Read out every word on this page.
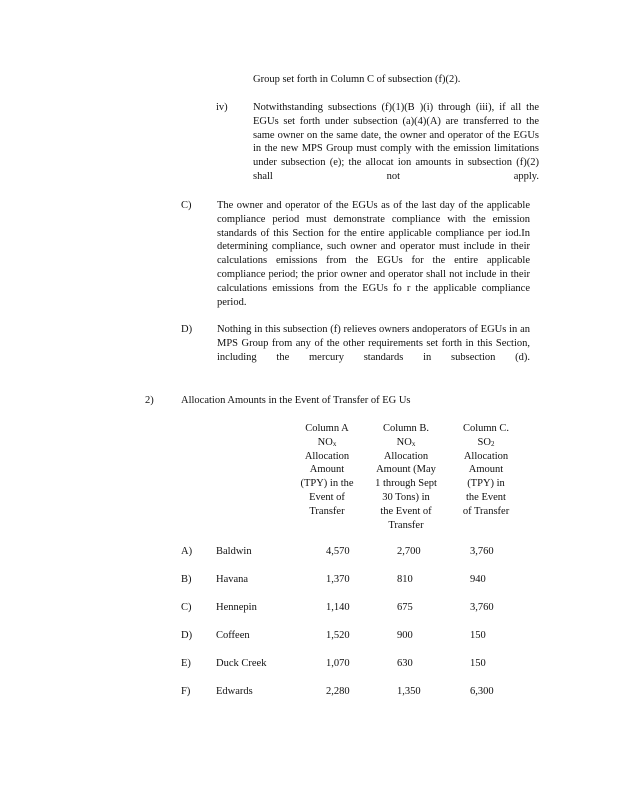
Group set forth in Column C of subsection (f)(2).

iv) Notwithstanding subsections (f)(1)(B )(i) through (iii), if all the EGUs set forth under subsection (a)(4)(A) are transferred to the same owner on the same date, the owner and operator of the EGUs in the new MPS Group must comply with the emission limitations under subsection (e); the allocat ion amounts in subsection (f)(2) shall not apply.

C) The owner and operator of the EGUs as of the last day of the applicable compliance period must demonstrate compliance with the emission standards of this Section for the entire applicable compliance per iod.In determining compliance, such owner and operator must include in their calculations emissions from the EGUs for the entire applicable compliance period; the prior owner and operator shall not include in their calculations emissions from the EGUs fo r the applicable compliance period.

D) Nothing in this subsection (f) relieves owners andoperators of EGUs in an MPS Group from any of the other requirements set forth in this Section, including the mercury standards in subsection (d).

2)	Allocation Amounts in the Event of Transfer of EG Us
Column A
$NO_x$
Allocation
Amount
(TPY) in the
Event of
Transfer
Column B.
$NO_x$
Allocation
Amount (May
1 through Sept
30 Tons) in
the Event of
Transfer
Column C.
$SO_2$
Allocation
Amount
(TPY) in
the Event
of Transfer
A) Baldwin	4,570	2,700	3,760
B) Havana	1,370	810	940
C) Hennepin	1,140	675	3,760
D) Coffeen	1,520	900	150
E) Duck Creek	1,070	630	150
F) Edwards	2,280	1,350	6,300
